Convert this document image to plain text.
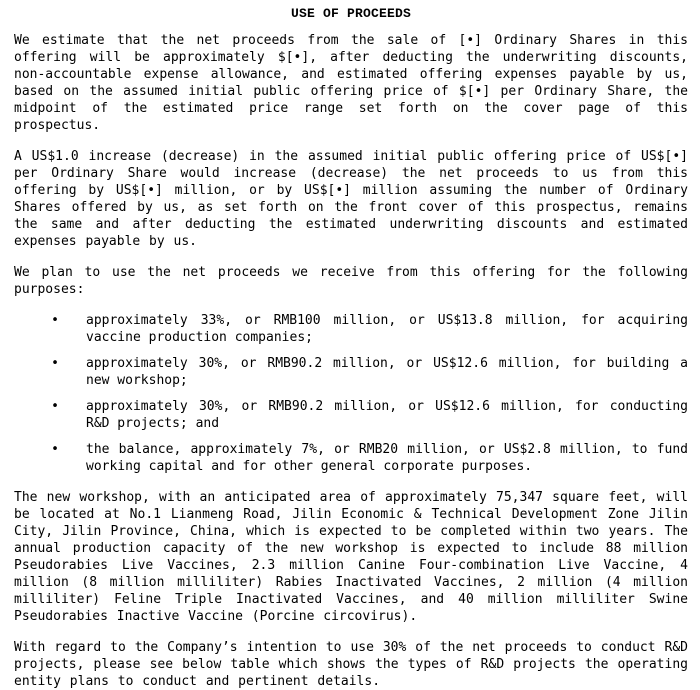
USE OF PROCEEDS

We estimate that the net proceeds from the sale of [•] Ordinary Shares in this offering will be approximately $[•], after deducting the underwriting discounts, non-accountable expense allowance, and estimated offering expenses payable by us, based on the assumed initial public offering price of $[•] per Ordinary Share, the midpoint of the estimated price range set forth on the cover page of this prospectus.

A US$1.0 increase (decrease) in the assumed initial public offering price of US$[•] per Ordinary Share would increase (decrease) the net proceeds to us from this offering by US$[•] million, or by US$[•] million assuming the number of Ordinary Shares offered by us, as set forth on the front cover of this prospectus, remains the same and after deducting the estimated underwriting discounts and estimated expenses payable by us.

We plan to use the net proceeds we receive from this offering for the following purposes:

• approximately 33%, or RMB100 million, or US$13.8 million, for acquiring vaccine production companies;
• approximately 30%, or RMB90.2 million, or US$12.6 million, for building a new workshop;
• approximately 30%, or RMB90.2 million, or US$12.6 million, for conducting R&D projects; and
• the balance, approximately 7%, or RMB20 million, or US$2.8 million, to fund working capital and for other general corporate purposes.

The new workshop, with an anticipated area of approximately 75,347 square feet, will be located at No.1 Lianmeng Road, Jilin Economic & Technical Development Zone Jilin City, Jilin Province, China, which is expected to be completed within two years. The annual production capacity of the new workshop is expected to include 88 million Pseudorabies Live Vaccines, 2.3 million Canine Four-combination Live Vaccine, 4 million (8 million milliliter) Rabies Inactivated Vaccines, 2 million (4 million milliliter) Feline Triple Inactivated Vaccines, and 40 million milliliter Swine Pseudorabies Inactive Vaccine (Porcine circovirus).

With regard to the Company’s intention to use 30% of the net proceeds to conduct R&D projects, please see below table which shows the types of R&D projects the operating entity plans to conduct and pertinent details.
